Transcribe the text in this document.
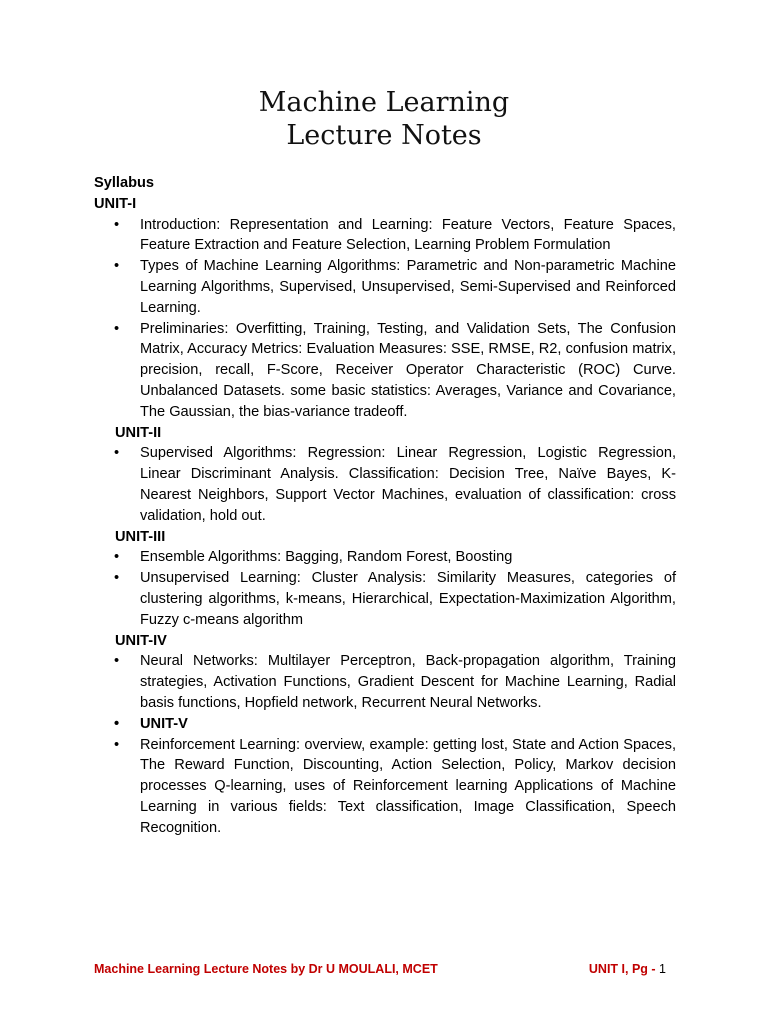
Machine Learning
Lecture Notes
Syllabus
UNIT-I
• Introduction: Representation and Learning: Feature Vectors, Feature Spaces, Feature Extraction and Feature Selection, Learning Problem Formulation
• Types of Machine Learning Algorithms: Parametric and Non-parametric Machine Learning Algorithms, Supervised, Unsupervised, Semi-Supervised and Reinforced Learning.
• Preliminaries: Overfitting, Training, Testing, and Validation Sets, The Confusion Matrix, Accuracy Metrics: Evaluation Measures: SSE, RMSE, R2, confusion matrix, precision, recall, F-Score, Receiver Operator Characteristic (ROC) Curve. Unbalanced Datasets. some basic statistics: Averages, Variance and Covariance, The Gaussian, the bias-variance tradeoff.
UNIT-II
• Supervised Algorithms: Regression: Linear Regression, Logistic Regression, Linear Discriminant Analysis. Classification: Decision Tree, Naïve Bayes, K-Nearest Neighbors, Support Vector Machines, evaluation of classification: cross validation, hold out.
UNIT-III
• Ensemble Algorithms: Bagging, Random Forest, Boosting
• Unsupervised Learning: Cluster Analysis: Similarity Measures, categories of clustering algorithms, k-means, Hierarchical, Expectation-Maximization Algorithm, Fuzzy c-means algorithm
UNIT-IV
• Neural Networks: Multilayer Perceptron, Back-propagation algorithm, Training strategies, Activation Functions, Gradient Descent for Machine Learning, Radial basis functions, Hopfield network, Recurrent Neural Networks.
• UNIT-V
• Reinforcement Learning: overview, example: getting lost, State and Action Spaces, The Reward Function, Discounting, Action Selection, Policy, Markov decision processes Q-learning, uses of Reinforcement learning Applications of Machine Learning in various fields: Text classification, Image Classification, Speech Recognition.
Machine Learning Lecture Notes by Dr U MOULALI, MCET	UNIT I, Pg - 1
